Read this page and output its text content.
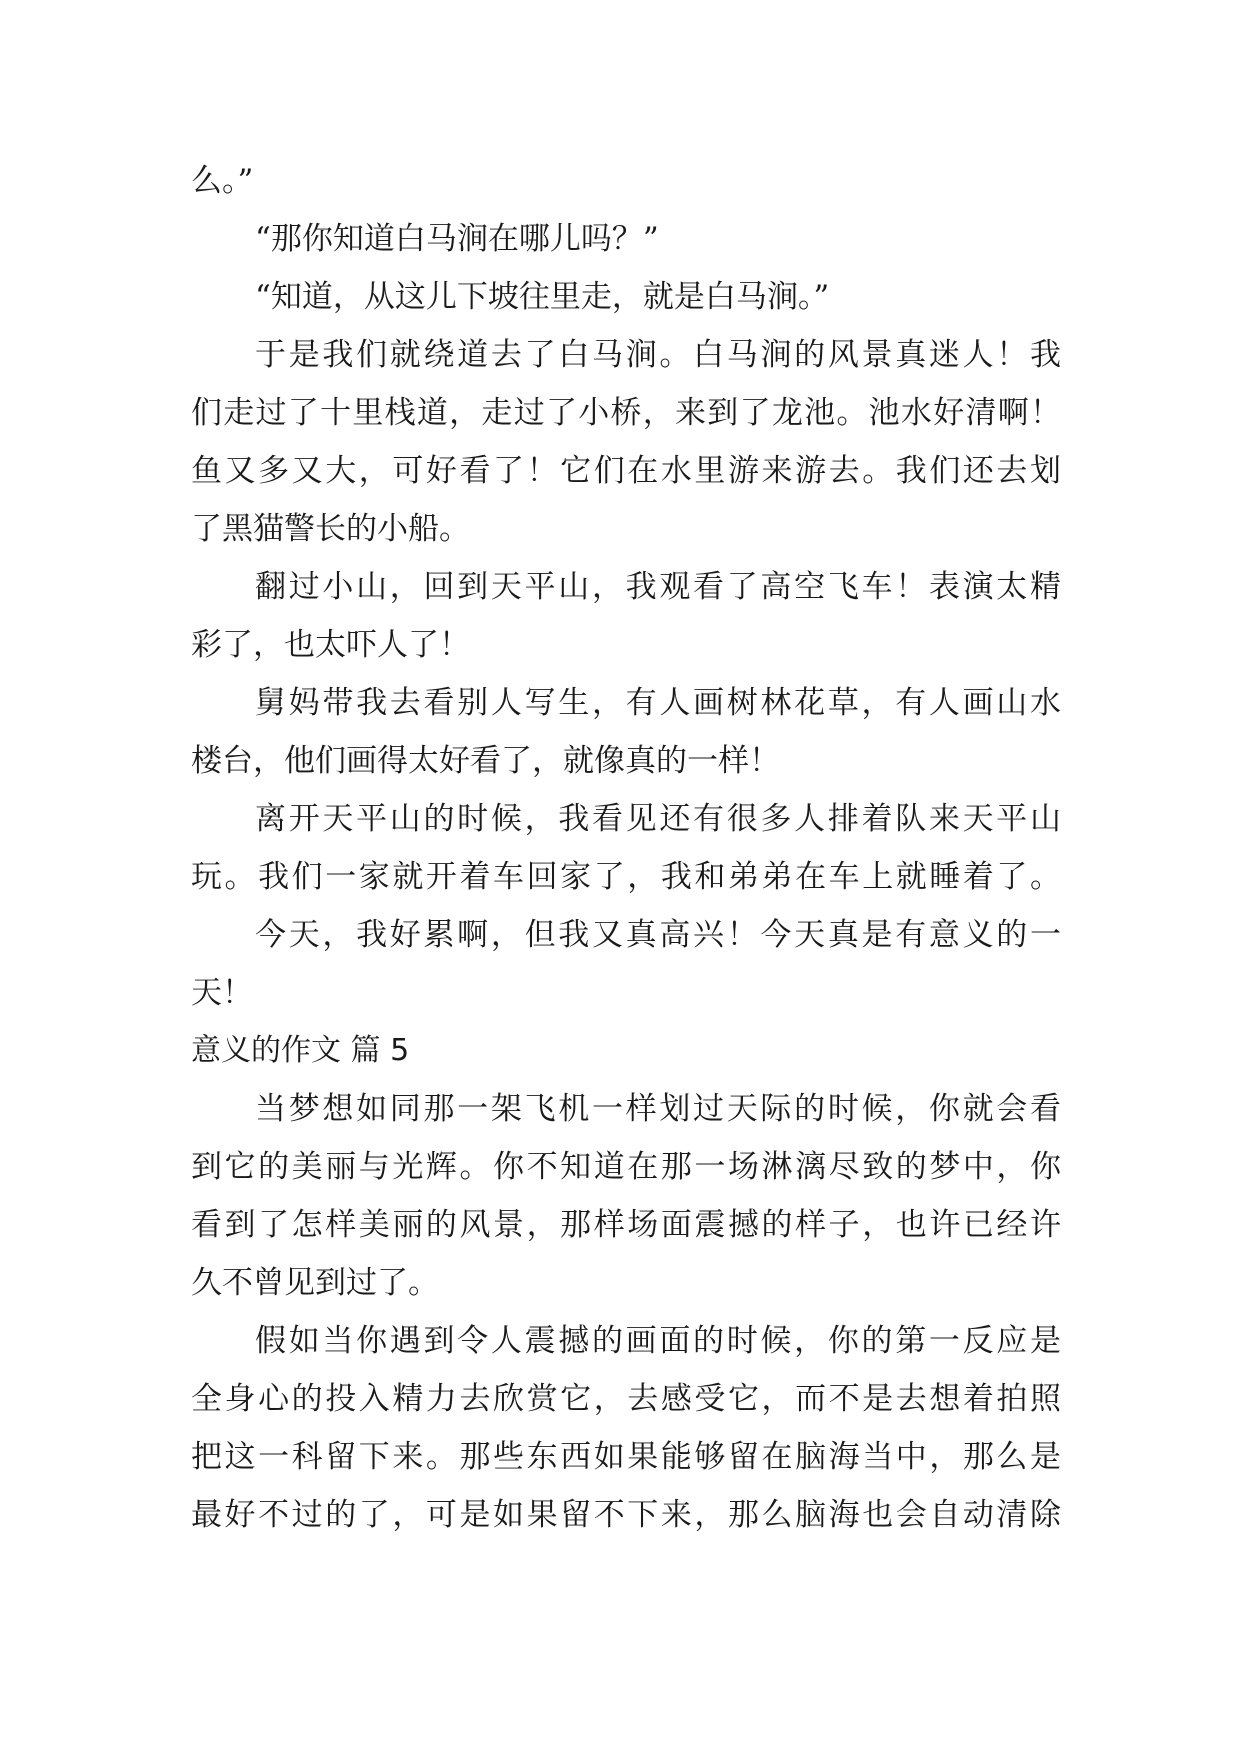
么。”
“那你知道白马涧在哪儿吗？”
“知道，从这儿下坡往里走，就是白马涧。”
于是我们就绕道去了白马涧。白马涧的风景真迷人！我
们走过了十里栈道，走过了小桥，来到了龙池。池水好清啊！
鱼又多又大，可好看了！它们在水里游来游去。我们还去划
了黑猫警长的小船。
翻过小山，回到天平山，我观看了高空飞车！表演太精
彩了，也太吓人了！
舅妈带我去看别人写生，有人画树林花草，有人画山水
楼台，他们画得太好看了，就像真的一样！
离开天平山的时候，我看见还有很多人排着队来天平山
玩。我们一家就开着车回家了，我和弟弟在车上就睡着了。
今天，我好累啊，但我又真高兴！今天真是有意义的一
天！
意义的作文 篇 5
当梦想如同那一架飞机一样划过天际的时候，你就会看
到它的美丽与光辉。你不知道在那一场淋漓尽致的梦中，你
看到了怎样美丽的风景，那样场面震撼的样子，也许已经许
久不曾见到过了。
假如当你遇到令人震撼的画面的时候，你的第一反应是
全身心的投入精力去欣赏它，去感受它，而不是去想着拍照
把这一科留下来。那些东西如果能够留在脑海当中，那么是
最好不过的了，可是如果留不下来，那么脑海也会自动清除
